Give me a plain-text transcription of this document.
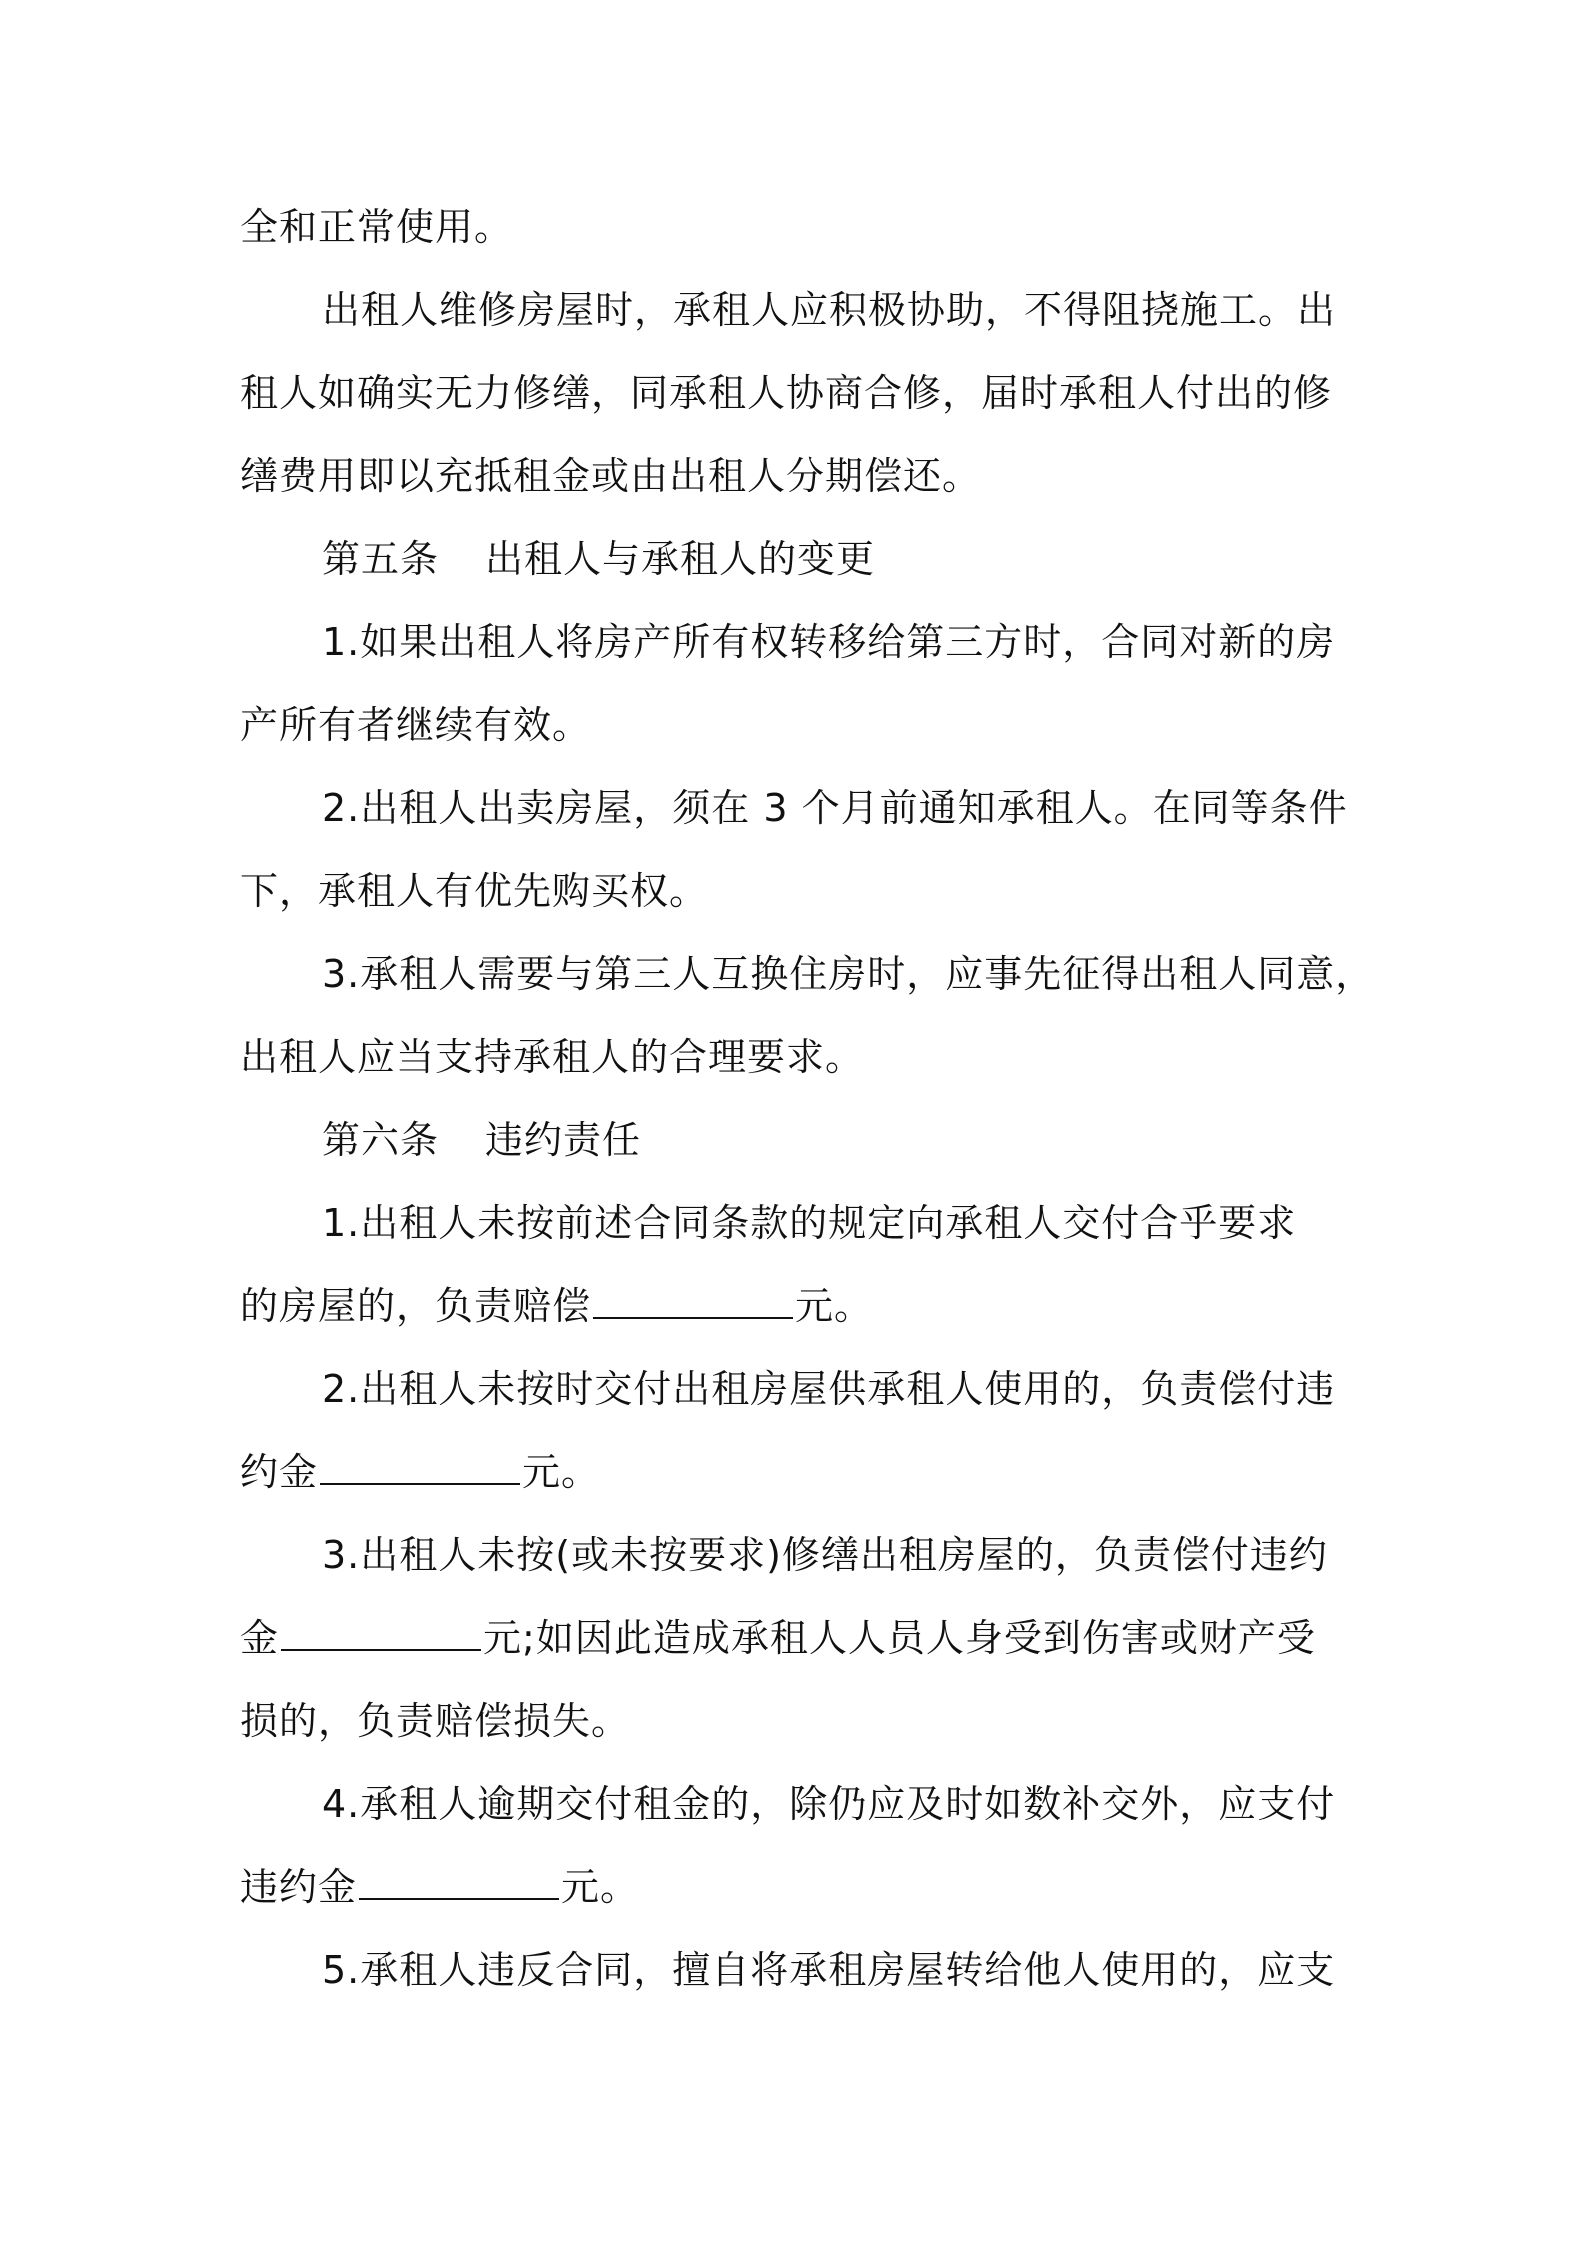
全和正常使用。
出租人维修房屋时，承租人应积极协助，不得阻挠施工。出
租人如确实无力修缮，同承租人协商合修，届时承租人付出的修
缮费用即以充抵租金或由出租人分期偿还。
第五条 出租人与承租人的变更
1.如果出租人将房产所有权转移给第三方时，合同对新的房
产所有者继续有效。
2.出租人出卖房屋，须在 3 个月前通知承租人。在同等条件
下，承租人有优先购买权。
3.承租人需要与第三人互换住房时，应事先征得出租人同意，
出租人应当支持承租人的合理要求。
第六条 违约责任
1.出租人未按前述合同条款的规定向承租人交付合乎要求
的房屋的，负责赔偿	元。
2.出租人未按时交付出租房屋供承租人使用的，负责偿付违
约金	元。
3.出租人未按(或未按要求)修缮出租房屋的，负责偿付违约
金	元;如因此造成承租人人员人身受到伤害或财产受
损的，负责赔偿损失。
4.承租人逾期交付租金的，除仍应及时如数补交外，应支付
违约金	元。
5.承租人违反合同，擅自将承租房屋转给他人使用的，应支
